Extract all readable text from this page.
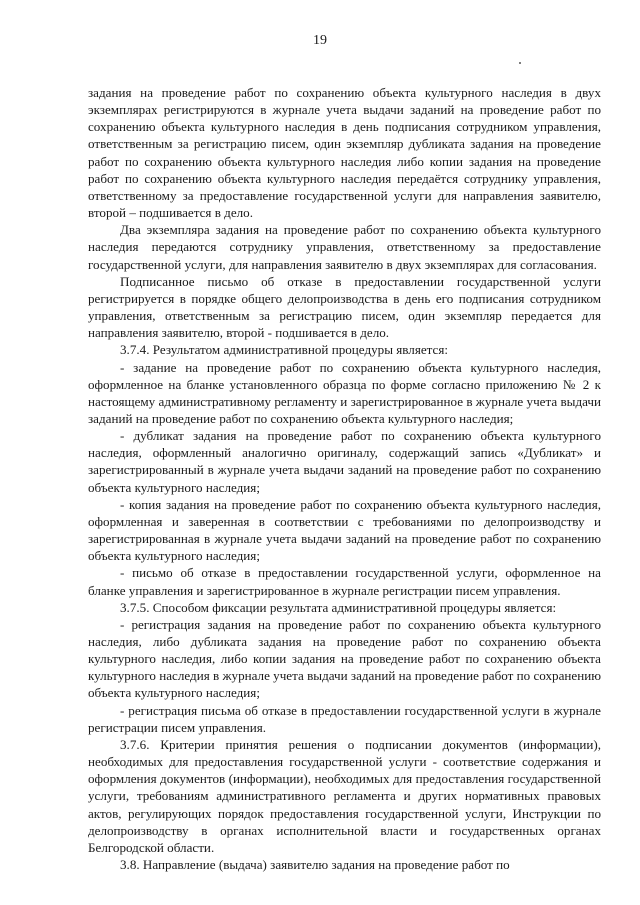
19

задания на проведение работ по сохранению объекта культурного наследия в двух экземплярах регистрируются в журнале учета выдачи заданий на проведение работ по сохранению объекта культурного наследия в день подписания сотрудником управления, ответственным за регистрацию писем, один экземпляр дубликата задания на проведение работ по сохранению объекта культурного наследия либо копии задания на проведение работ по сохранению объекта культурного наследия передаётся сотруднику управления, ответственному за предоставление государственной услуги для направления заявителю, второй – подшивается в дело.

Два экземпляра задания на проведение работ по сохранению объекта культурного наследия передаются сотруднику управления, ответственному за предоставление государственной услуги, для направления заявителю в двух экземплярах для согласования.

Подписанное письмо об отказе в предоставлении государственной услуги регистрируется в порядке общего делопроизводства в день его подписания сотрудником управления, ответственным за регистрацию писем, один экземпляр передается для направления заявителю, второй - подшивается в дело.

3.7.4. Результатом административной процедуры является:

- задание на проведение работ по сохранению объекта культурного наследия, оформленное на бланке установленного образца по форме согласно приложению № 2 к настоящему административному регламенту и зарегистрированное в журнале учета выдачи заданий на проведение работ по сохранению объекта культурного наследия;

- дубликат задания на проведение работ по сохранению объекта культурного наследия, оформленный аналогично оригиналу, содержащий запись «Дубликат» и зарегистрированный в журнале учета выдачи заданий на проведение работ по сохранению объекта культурного наследия;

- копия задания на проведение работ по сохранению объекта культурного наследия, оформленная и заверенная в соответствии с требованиями по делопроизводству и зарегистрированная в журнале учета выдачи заданий на проведение работ по сохранению объекта культурного наследия;

- письмо об отказе в предоставлении государственной услуги, оформленное на бланке управления и зарегистрированное в журнале регистрации писем управления.

3.7.5. Способом фиксации результата административной процедуры является:

- регистрация задания на проведение работ по сохранению объекта культурного наследия, либо дубликата задания на проведение работ по сохранению объекта культурного наследия, либо копии задания на проведение работ по сохранению объекта культурного наследия в журнале учета выдачи заданий на проведение работ по сохранению объекта культурного наследия;

- регистрация письма об отказе в предоставлении государственной услуги в журнале регистрации писем управления.

3.7.6. Критерии принятия решения о подписании документов (информации), необходимых для предоставления государственной услуги - соответствие содержания и оформления документов (информации), необходимых для предоставления государственной услуги, требованиям административного регламента и других нормативных правовых актов, регулирующих порядок предоставления государственной услуги, Инструкции по делопроизводству в органах исполнительной власти и государственных органах Белгородской области.

3.8. Направление (выдача) заявителю задания на проведение работ по
